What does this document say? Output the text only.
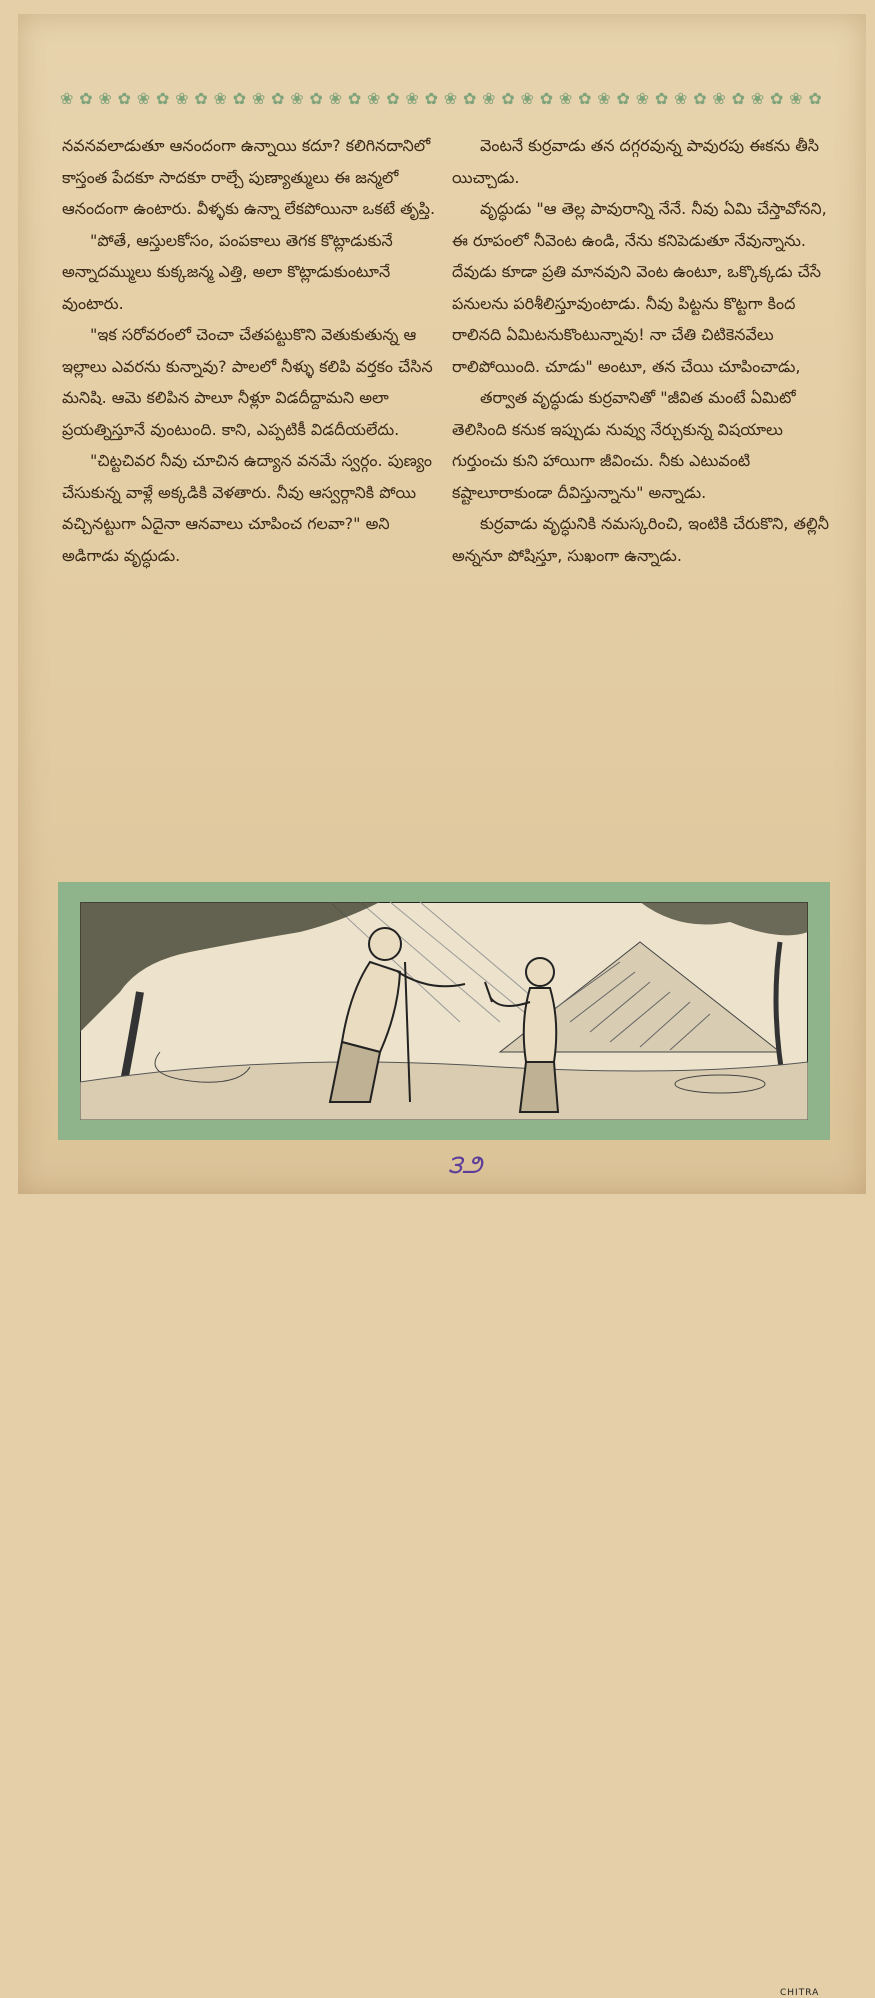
❀ ✿ ❀ ✿ ❀ ✿ ❀ ✿ ❀ ✿ ❀ ✿ ❀ ✿ ❀ ✿ ❀ ✿ ❀ ✿ ❀ ✿ ❀ ✿ ❀ ✿ ❀ ✿ ❀ ✿ ❀ ✿ ❀ ✿ ❀ ✿ ❀ ✿ ❀ ✿

నవనవలాడుతూ ఆనందంగా ఉన్నాయి కదూ? కలిగినదానిలో కాస్తంత పేదకూ సాదకూ రాల్చే పుణ్యాత్ములు ఈ జన్మలో ఆనందంగా ఉంటారు. వీళ్ళకు ఉన్నా లేకపోయినా ఒకటే తృప్తి.

"పోతే, ఆస్తులకోసం, పంపకాలు తెగక కొట్లాడుకునే అన్నాదమ్ములు కుక్కజన్మ ఎత్తి, అలా కొట్లాడుకుంటూనే వుంటారు.

"ఇక సరోవరంలో చెంచా చేతపట్టుకొని వెతుకుతున్న ఆ ఇల్లాలు ఎవరను కున్నావు? పాలలో నీళ్ళు కలిపి వర్తకం చేసిన మనిషి. ఆమె కలిపిన పాలూ నీళ్లూ విడదీద్దామని అలా ప్రయత్నిస్తూనే వుంటుంది. కాని, ఎప్పటికీ విడదీయలేదు.

"చిట్టచివర నీవు చూచిన ఉద్యాన వనమే స్వర్గం. పుణ్యం చేసుకున్న వాళ్లే అక్కడికి వెళతారు. నీవు ఆస్వర్గానికి పోయి వచ్చినట్టుగా ఏదైనా ఆనవాలు చూపించ గలవా?" అని అడిగాడు వృద్ధుడు.

వెంటనే కుర్రవాడు తన దగ్గరవున్న పావురపు ఈకను తీసి యిచ్చాడు.

వృద్ధుడు "ఆ తెల్ల పావురాన్ని నేనే. నీవు ఏమి చేస్తావోనని, ఈ రూపంలో నీవెంట ఉండి, నేను కనిపెడుతూ నేవున్నాను. దేవుడు కూడా ప్రతి మానవుని వెంట ఉంటూ, ఒక్కొక్కడు చేసే పనులను పరిశీలిస్తూవుంటాడు. నీవు పిట్టను కొట్టగా కింద రాలినది ఏమిటనుకొంటున్నావు! నా చేతి చిటికెనవేలు రాలిపోయింది. చూడు" అంటూ, తన చేయి చూపించాడు,

తర్వాత వృద్ధుడు కుర్రవానితో "జీవిత మంటే ఏమిటో తెలిసింది కనుక ఇప్పుడు నువ్వు నేర్చుకున్న విషయాలు గుర్తుంచు కుని హాయిగా జీవించు. నీకు ఎటువంటి కష్టాలూరాకుండా దీవిస్తున్నాను" అన్నాడు.

కుర్రవాడు వృద్ధునికి నమస్కరించి, ఇంటికి చేరుకొని, తల్లినీ అన్ననూ పోషిస్తూ, సుఖంగా ఉన్నాడు.

CHITRA
౩౨
